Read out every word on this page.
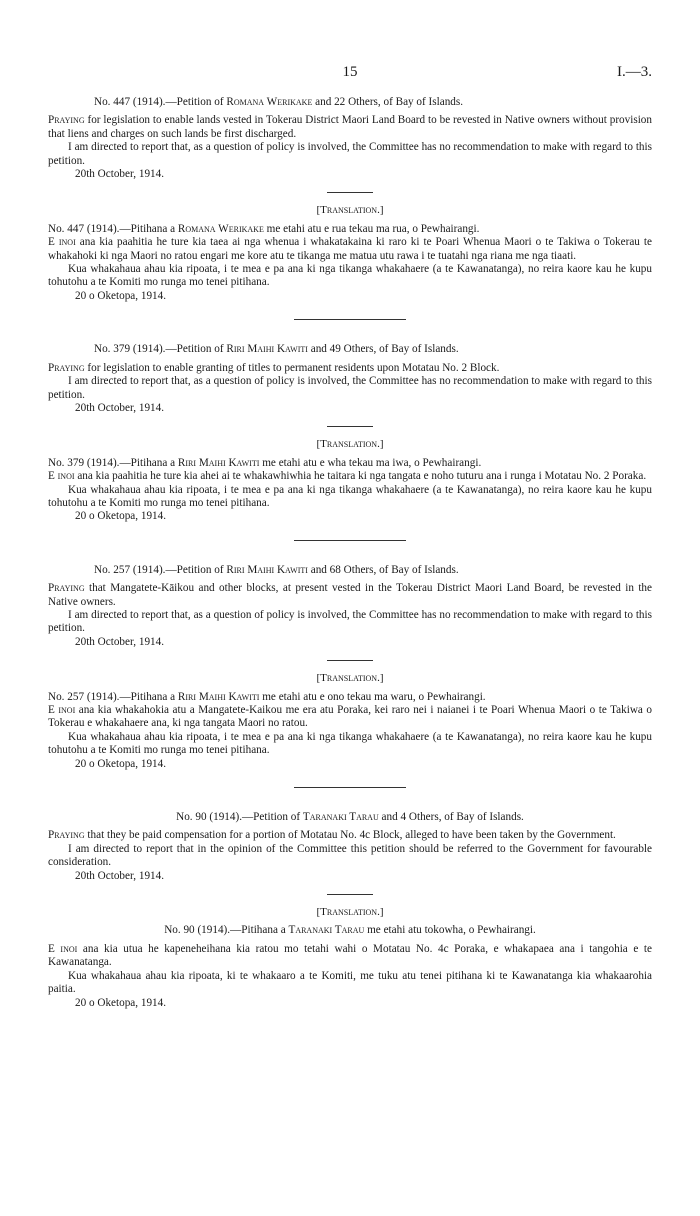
15	I.—3.

No. 447 (1914).—Petition of Romana Werikake and 22 Others, of Bay of Islands.

Praying for legislation to enable lands vested in Tokerau District Maori Land Board to be revested in Native owners without provision that liens and charges on such lands be first discharged.

I am directed to report that, as a question of policy is involved, the Committee has no recommendation to make with regard to this petition.

20th October, 1914.

[Translation.]

No. 447 (1914).—Pitihana a Romana Werikake me etahi atu e rua tekau ma rua, o Pewhairangi.

E inoi ana kia paahitia he ture kia taea ai nga whenua i whakatakaina ki raro ki te Poari Whenua Maori o te Takiwa o Tokerau te whakahoki ki nga Maori no ratou engari me kore atu te tikanga me matua utu rawa i te tuatahi nga riana me nga tiaati.

Kua whakahaua ahau kia ripoata, i te mea e pa ana ki nga tikanga whakahaere (a te Kawanatanga), no reira kaore kau he kupu tohutohu a te Komiti mo runga mo tenei pitihana.

20 o Oketopa, 1914.

No. 379 (1914).—Petition of Riri Maihi Kawiti and 49 Others, of Bay of Islands.

Praying for legislation to enable granting of titles to permanent residents upon Motatau No. 2 Block.

I am directed to report that, as a question of policy is involved, the Committee has no recommendation to make with regard to this petition.

20th October, 1914.

[Translation.]

No. 379 (1914).—Pitihana a Riri Maihi Kawiti me etahi atu e wha tekau ma iwa, o Pewhairangi.

E inoi ana kia paahitia he ture kia ahei ai te whakawhiwhia he taitara ki nga tangata e noho tuturu ana i runga i Motatau No. 2 Poraka.

Kua whakahaua ahau kia ripoata, i te mea e pa ana ki nga tikanga whakahaere (a te Kawanatanga), no reira kaore kau he kupu tohutohu a te Komiti mo runga mo tenei pitihana.

20 o Oketopa, 1914.

No. 257 (1914).—Petition of Riri Maihi Kawiti and 68 Others, of Bay of Islands.

Praying that Mangatete-Kāikou and other blocks, at present vested in the Tokerau District Maori Land Board, be revested in the Native owners.

I am directed to report that, as a question of policy is involved, the Committee has no recommendation to make with regard to this petition.

20th October, 1914.

[Translation.]

No. 257 (1914).—Pitihana a Riri Maihi Kawiti me etahi atu e ono tekau ma waru, o Pewhairangi.

E inoi ana kia whakahokia atu a Mangatete-Kaikou me era atu Poraka, kei raro nei i naianei i te Poari Whenua Maori o te Takiwa o Tokerau e whakahaere ana, ki nga tangata Maori no ratou.

Kua whakahaua ahau kia ripoata, i te mea e pa ana ki nga tikanga whakahaere (a te Kawanatanga), no reira kaore kau he kupu tohutohu a te Komiti mo runga mo tenei pitihana.

20 o Oketopa, 1914.

No. 90 (1914).—Petition of Taranaki Tarau and 4 Others, of Bay of Islands.

Praying that they be paid compensation for a portion of Motatau No. 4c Block, alleged to have been taken by the Government.

I am directed to report that in the opinion of the Committee this petition should be referred to the Government for favourable consideration.

20th October, 1914.

[Translation.]

No. 90 (1914).—Pitihana a Taranaki Tarau me etahi atu tokowha, o Pewhairangi.

E inoi ana kia utua he kapeneheihana kia ratou mo tetahi wahi o Motatau No. 4c Poraka, e whakapaea ana i tangohia e te Kawanatanga.

Kua whakahaua ahau kia ripoata, ki te whakaaro a te Komiti, me tuku atu tenei pitihana ki te Kawanatanga kia whakaarohia paitia.

20 o Oketopa, 1914.
